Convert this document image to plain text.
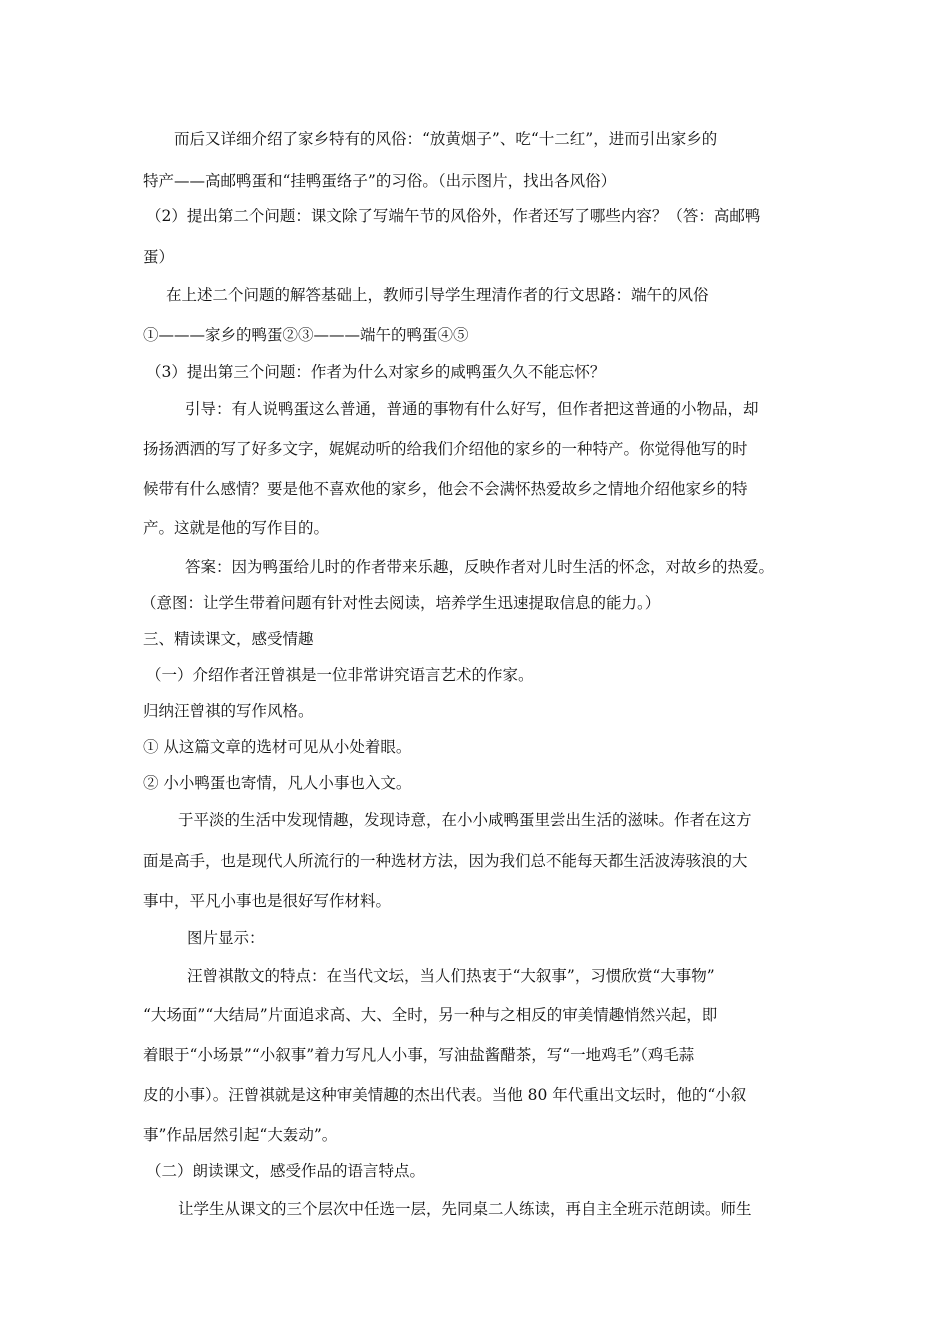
而后又详细介绍了家乡特有的风俗：“放黄烟子”、吃“十二红”，进而引出家乡的
特产——高邮鸭蛋和“挂鸭蛋络子”的习俗。（出示图片，找出各风俗）
（2）提出第二个问题：课文除了写端午节的风俗外，作者还写了哪些内容？（答：高邮鸭
蛋）
在上述二个问题的解答基础上，教师引导学生理清作者的行文思路：端午的风俗
①———家乡的鸭蛋②③———端午的鸭蛋④⑤
（3）提出第三个问题：作者为什么对家乡的咸鸭蛋久久不能忘怀？
引导：有人说鸭蛋这么普通，普通的事物有什么好写，但作者把这普通的小物品，却
扬扬洒洒的写了好多文字，娓娓动听的给我们介绍他的家乡的一种特产。你觉得他写的时
候带有什么感情？要是他不喜欢他的家乡，他会不会满怀热爱故乡之情地介绍他家乡的特
产。这就是他的写作目的。
答案：因为鸭蛋给儿时的作者带来乐趣，反映作者对儿时生活的怀念，对故乡的热爱。
（意图：让学生带着问题有针对性去阅读，培养学生迅速提取信息的能力。）
三、精读课文，感受情趣
（一）介绍作者汪曾祺是一位非常讲究语言艺术的作家。
归纳汪曾祺的写作风格。
① 从这篇文章的选材可见从小处着眼。
② 小小鸭蛋也寄情，凡人小事也入文。
于平淡的生活中发现情趣，发现诗意，在小小咸鸭蛋里尝出生活的滋味。作者在这方
面是高手，也是现代人所流行的一种选材方法，因为我们总不能每天都生活波涛骇浪的大
事中，平凡小事也是很好写作材料。
图片显示：
汪曾祺散文的特点：在当代文坛，当人们热衷于“大叙事”，习惯欣赏“大事物”
“大场面”“大结局”片面追求高、大、全时，另一种与之相反的审美情趣悄然兴起，即
着眼于“小场景”“小叙事”着力写凡人小事，写油盐酱醋茶，写“一地鸡毛”（鸡毛蒜
皮的小事）。汪曾祺就是这种审美情趣的杰出代表。当他 80 年代重出文坛时，他的“小叙
事”作品居然引起“大轰动”。
（二）朗读课文，感受作品的语言特点。
让学生从课文的三个层次中任选一层，先同桌二人练读，再自主全班示范朗读。师生
